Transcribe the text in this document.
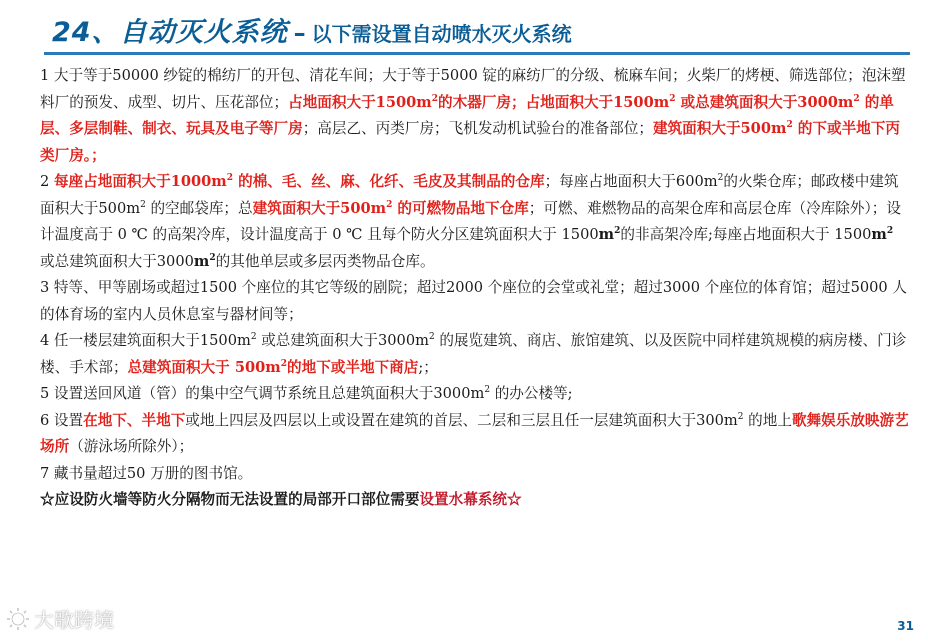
24、自动灭火系统 – 以下需设置自动喷水灭火系统

1 大于等于50000 纱锭的棉纺厂的开包、清花车间；大于等于5000 锭的麻纺厂的分级、梳麻车间；火柴厂的烤梗、筛选部位；泡沫塑料厂的预发、成型、切片、压花部位；占地面积大于$1500m^2$的木器厂房；占地面积大于$1500m^2$ 或总建筑面积大于$3000m^2$ 的单层、多层制鞋、制衣、玩具及电子等厂房；高层乙、丙类厂房；飞机发动机试验台的准备部位；建筑面积大于$500m^2$ 的下或半地下丙类厂房。；

2 每座占地面积大于$1000m^2$ 的棉、毛、丝、麻、化纤、毛皮及其制品的仓库；每座占地面积大于$600m^2$的火柴仓库；邮政楼中建筑面积大于$500m^2$ 的空邮袋库；总建筑面积大于$500m^2$ 的可燃物品地下仓库；可燃、难燃物品的高架仓库和高层仓库（冷库除外）；设计温度高于 0 ℃ 的高架冷库，设计温度高于 0 ℃ 且每个防火分区建筑面积大于 $1500m^2$的非高架冷库;每座占地面积大于 $1500m^2$ 或总建筑面积大于$3000m^2$的其他单层或多层丙类物品仓库。

3 特等、甲等剧场或超过1500 个座位的其它等级的剧院；超过2000 个座位的会堂或礼堂；超过3000 个座位的体育馆；超过5000 人的体育场的室内人员休息室与器材间等；

4 任一楼层建筑面积大于$1500m^2$ 或总建筑面积大于$3000m^2$ 的展览建筑、商店、旅馆建筑、以及医院中同样建筑规模的病房楼、门诊楼、手术部；总建筑面积大于 $500m^2$的地下或半地下商店;；

5 设置送回风道（管）的集中空气调节系统且总建筑面积大于$3000m^2$ 的办公楼等;

6 设置在地下、半地下或地上四层及四层以上或设置在建筑的首层、二层和三层且任一层建筑面积大于$300m^2$ 的地上歌舞娱乐放映游艺场所（游泳场所除外）；

7 藏书量超过50 万册的图书馆。

☆应设防火墙等防火分隔物而无法设置的局部开口部位需要设置水幕系统☆

大歌跨境	31
